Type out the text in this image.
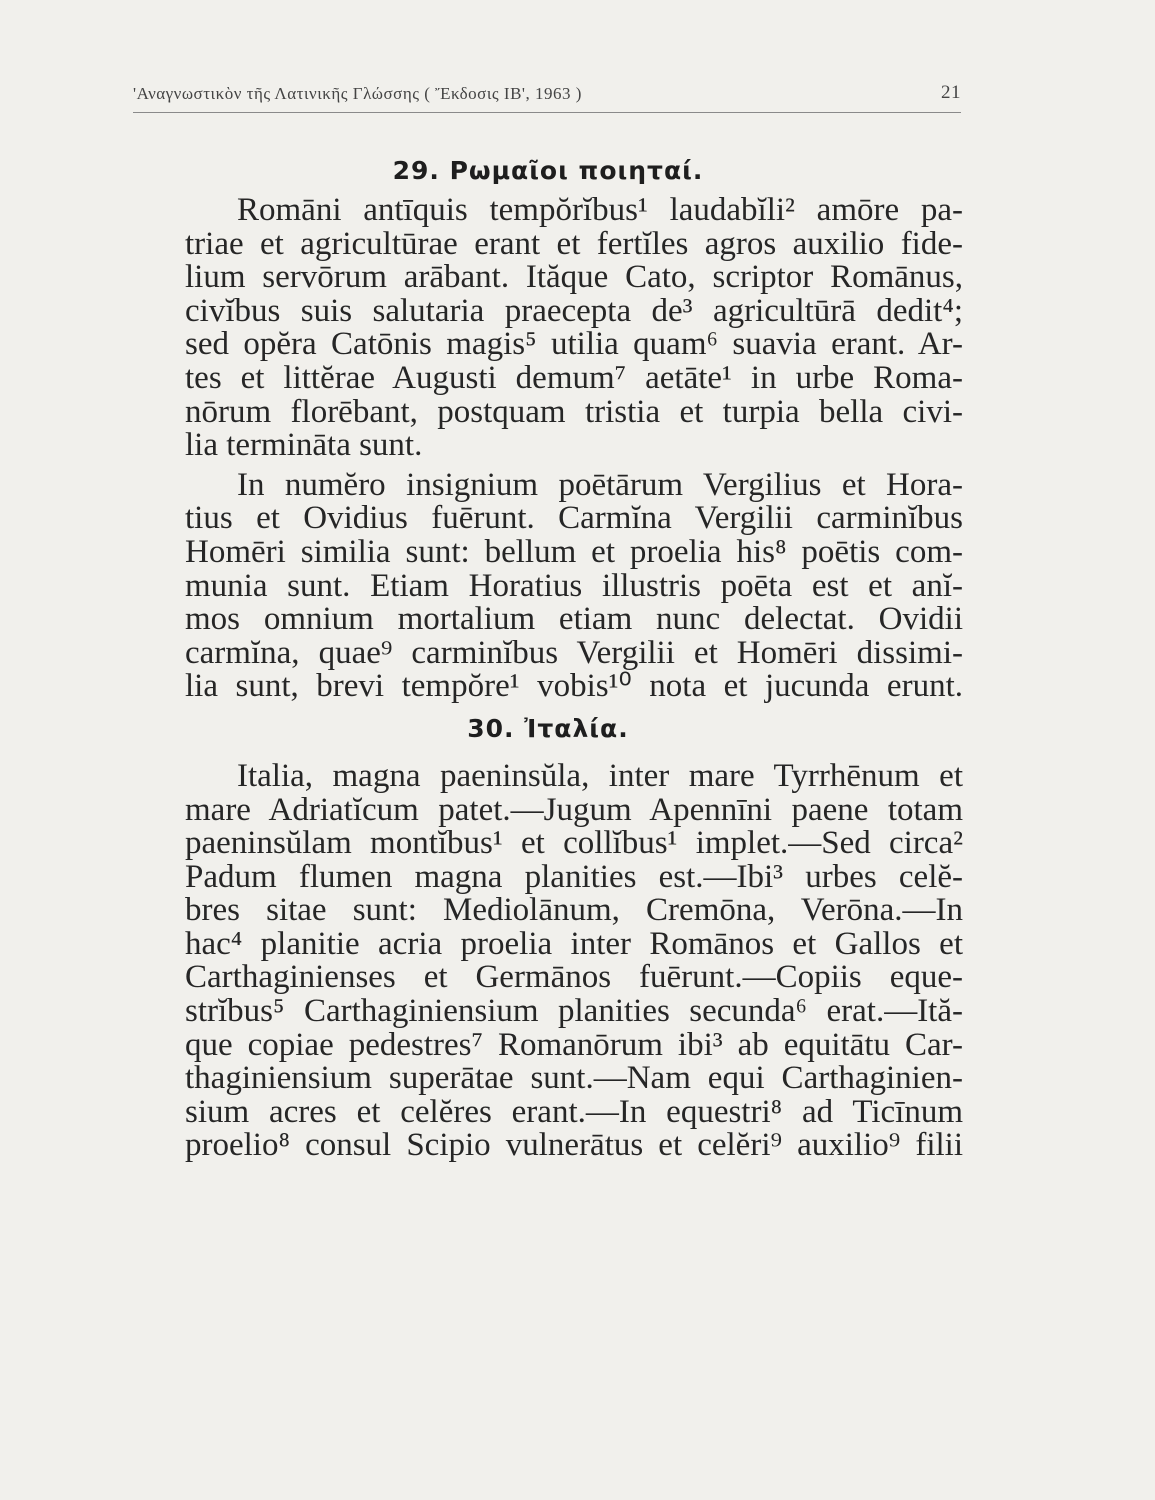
'Αναγνωστικὸν τῆς Λατινικῆς Γλώσσης ( Ἔκδοσις ΙΒ', 1963 )	21
29. Ρωμαῖοι ποιηταί.

Romāni antīquis tempŏrĭbus¹ laudabĭli² amōre pa-
triae et agricultūrae erant et fertĭles agros auxilio fide-
lium servōrum arābant. Ităque Cato, scriptor Romānus,
civĭbus suis salutaria praecepta de³ agricultūrā dedit⁴;
sed opĕra Catōnis magis⁵ utilia quam⁶ suavia erant. Ar-
tes et littĕrae Augusti demum⁷ aetāte¹ in urbe Roma-
nōrum florēbant, postquam tristia et turpia bella civi-
lia termināta sunt.

In numĕro insignium poētārum Vergilius et Hora-
tius et Ovidius fuērunt. Carmĭna Vergilii carminĭbus
Homēri similia sunt: bellum et proelia his⁸ poētis com-
munia sunt. Etiam Horatius illustris poēta est et anĭ-
mos omnium mortalium etiam nunc delectat. Ovidii
carmĭna, quae⁹ carminĭbus Vergilii et Homēri dissimi-
lia sunt, brevi tempŏre¹ vobis¹⁰ nota et jucunda erunt.

30. Ἰταλία.

Italia, magna paeninsŭla, inter mare Tyrrhēnum et
mare Adriatĭcum patet.—Jugum Apennīni paene totam
paeninsŭlam montĭbus¹ et collĭbus¹ implet.—Sed circa²
Padum flumen magna planities est.—Ibi³ urbes celĕ-
bres sitae sunt: Mediolānum, Cremōna, Verōna.—In
hac⁴ planitie acria proelia inter Romānos et Gallos et
Carthaginienses et Germānos fuērunt.—Copiis eque-
strĭbus⁵ Carthaginiensium planities secunda⁶ erat.—Ită-
que copiae pedestres⁷ Romanōrum ibi³ ab equitātu Car-
thaginiensium superātae sunt.—Nam equi Carthaginien-
sium acres et celĕres erant.—In equestri⁸ ad Ticīnum
proelio⁸ consul Scipio vulnerātus et celĕri⁹ auxilio⁹ filii
